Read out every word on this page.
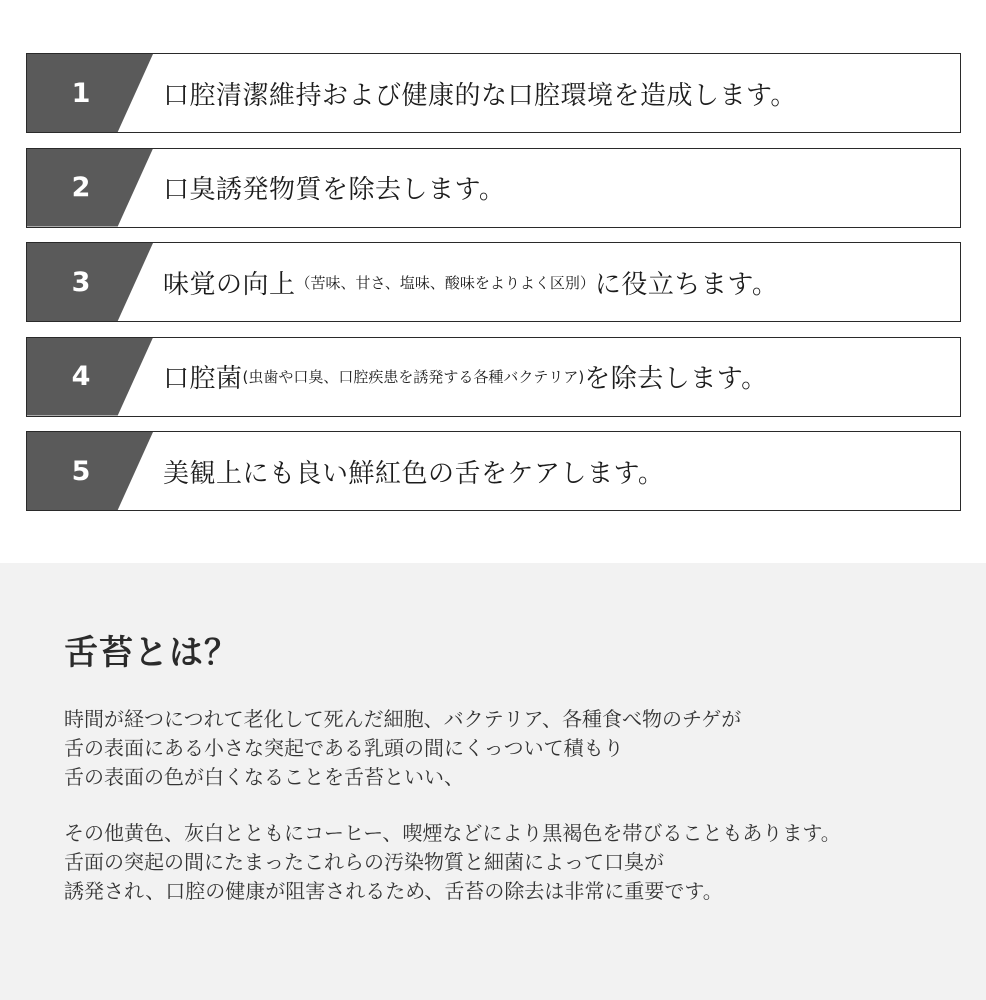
1	口腔清潔維持および健康的な口腔環境を造成します。
2	口臭誘発物質を除去します。
3	味覚の向上 （苦味、甘さ、塩味、酸味をよりよく区別） に役立ちます。
4	口腔菌 (虫歯や口臭、口腔疾患を誘発する各種バクテリア) を除去します。
5	美観上にも良い鮮紅色の舌をケアします。
舌苔とは？
時間が経つにつれて老化して死んだ細胞、バクテリア、各種食べ物のチゲが
舌の表面にある小さな突起である乳頭の間にくっついて積もり
舌の表面の色が白くなることを舌苔といい、
その他黄色、灰白とともにコーヒー、喫煙などにより黒褐色を帯びることもあります。
舌面の突起の間にたまったこれらの汚染物質と細菌によって口臭が
誘発され、口腔の健康が阻害されるため、舌苔の除去は非常に重要です。
